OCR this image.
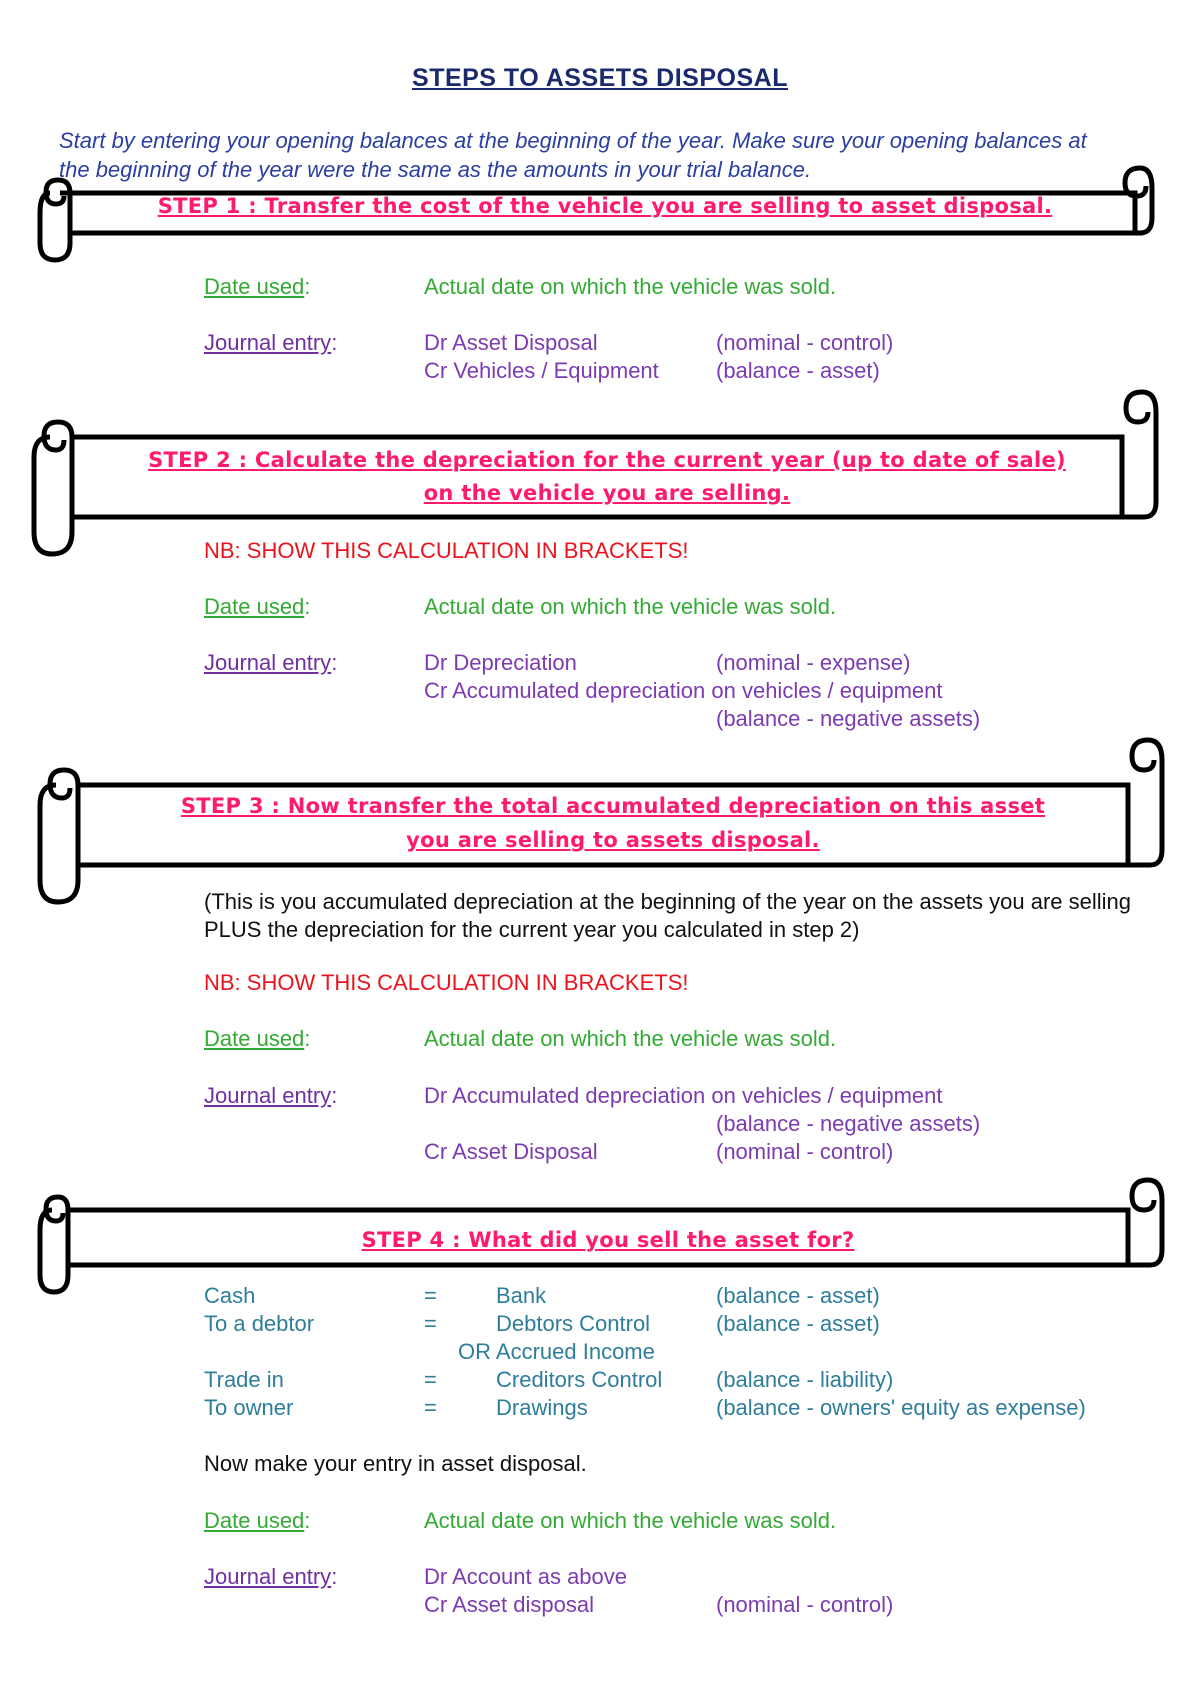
STEPS TO ASSETS DISPOSAL
Start by entering your opening balances at the beginning of the year. Make sure your opening balances at the beginning of the year were the same as the amounts in your trial balance.
STEP 1 : Transfer the cost of the vehicle you are selling to asset disposal.
Date used:	Actual date on which the vehicle was sold.
Journal entry:	Dr Asset Disposal	(nominal - control)
Cr Vehicles / Equipment	(balance - asset)
STEP 2 : Calculate the depreciation for the current year (up to date of sale)
on the vehicle you are selling.
NB: SHOW THIS CALCULATION IN BRACKETS!
Date used:	Actual date on which the vehicle was sold.
Journal entry:	Dr Depreciation	(nominal - expense)
Cr Accumulated depreciation on vehicles / equipment
(balance - negative assets)
STEP 3 : Now transfer the total accumulated depreciation on this asset
you are selling to assets disposal.
(This is you accumulated depreciation at the beginning of the year on the assets you are selling PLUS the depreciation for the current year you calculated in step 2)
NB: SHOW THIS CALCULATION IN BRACKETS!
Date used:	Actual date on which the vehicle was sold.
Journal entry:	Dr Accumulated depreciation on vehicles / equipment
(balance - negative assets)
Cr Asset Disposal	(nominal - control)
STEP 4 : What did you sell the asset for?
Cash	=	Bank	(balance - asset)
To a debtor	=	Debtors Control	(balance - asset)
OR Accrued Income
Trade in	=	Creditors Control (balance - liability)
To owner	=	Drawings	(balance - owners' equity as expense)
Now make your entry in asset disposal.
Date used:	Actual date on which the vehicle was sold.
Journal entry:	Dr Account as above
Cr Asset disposal	(nominal - control)
